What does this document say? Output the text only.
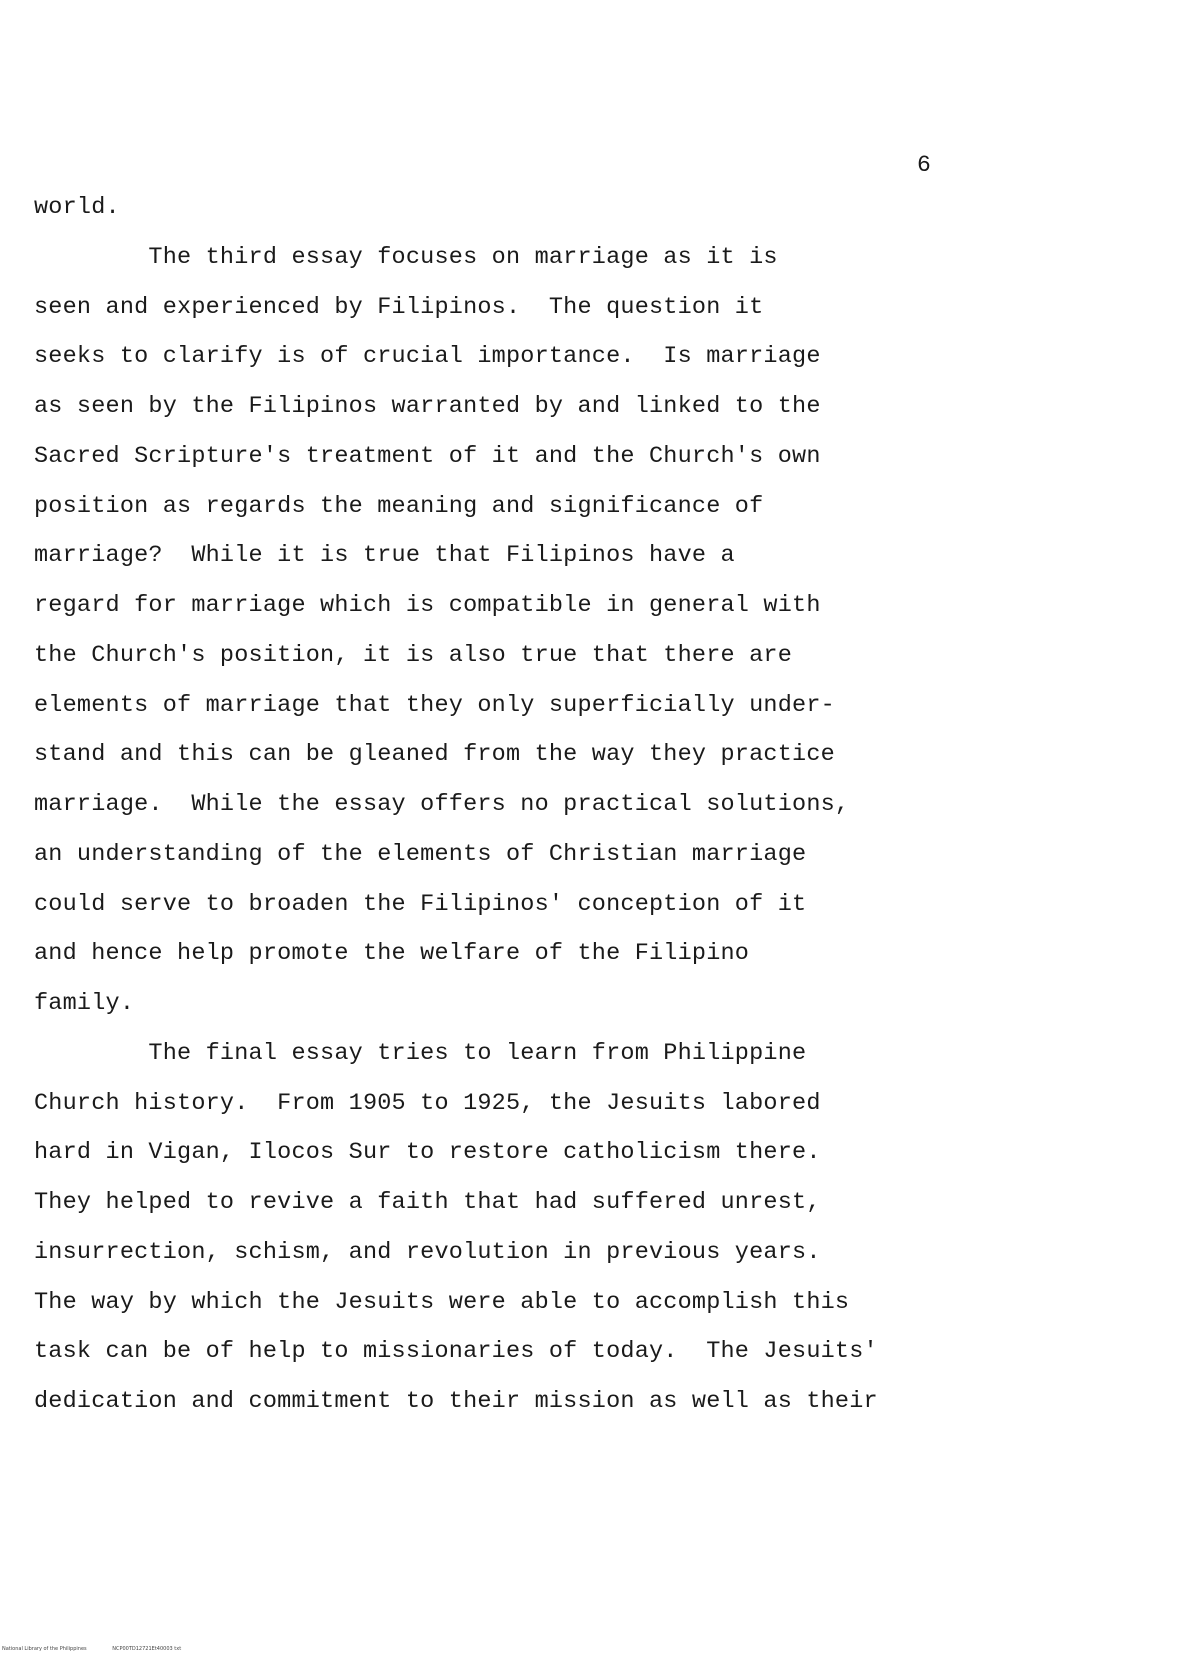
6
world.
The third essay focuses on marriage as it is
seen and experienced by Filipinos.  The question it
seeks to clarify is of crucial importance.  Is marriage
as seen by the Filipinos warranted by and linked to the
Sacred Scripture's treatment of it and the Church's own
position as regards the meaning and significance of
marriage?  While it is true that Filipinos have a
regard for marriage which is compatible in general with
the Church's position, it is also true that there are
elements of marriage that they only superficially under-
stand and this can be gleaned from the way they practice
marriage.  While the essay offers no practical solutions,
an understanding of the elements of Christian marriage
could serve to broaden the Filipinos' conception of it
and hence help promote the welfare of the Filipino
family.
The final essay tries to learn from Philippine
Church history.  From 1905 to 1925, the Jesuits labored
hard in Vigan, Ilocos Sur to restore catholicism there.
They helped to revive a faith that had suffered unrest,
insurrection, schism, and revolution in previous years.
The way by which the Jesuits were able to accomplish this
task can be of help to missionaries of today.  The Jesuits'
dedication and commitment to their mission as well as their
National Library of the Philippines	NCP00TD12721Et40003 txt
